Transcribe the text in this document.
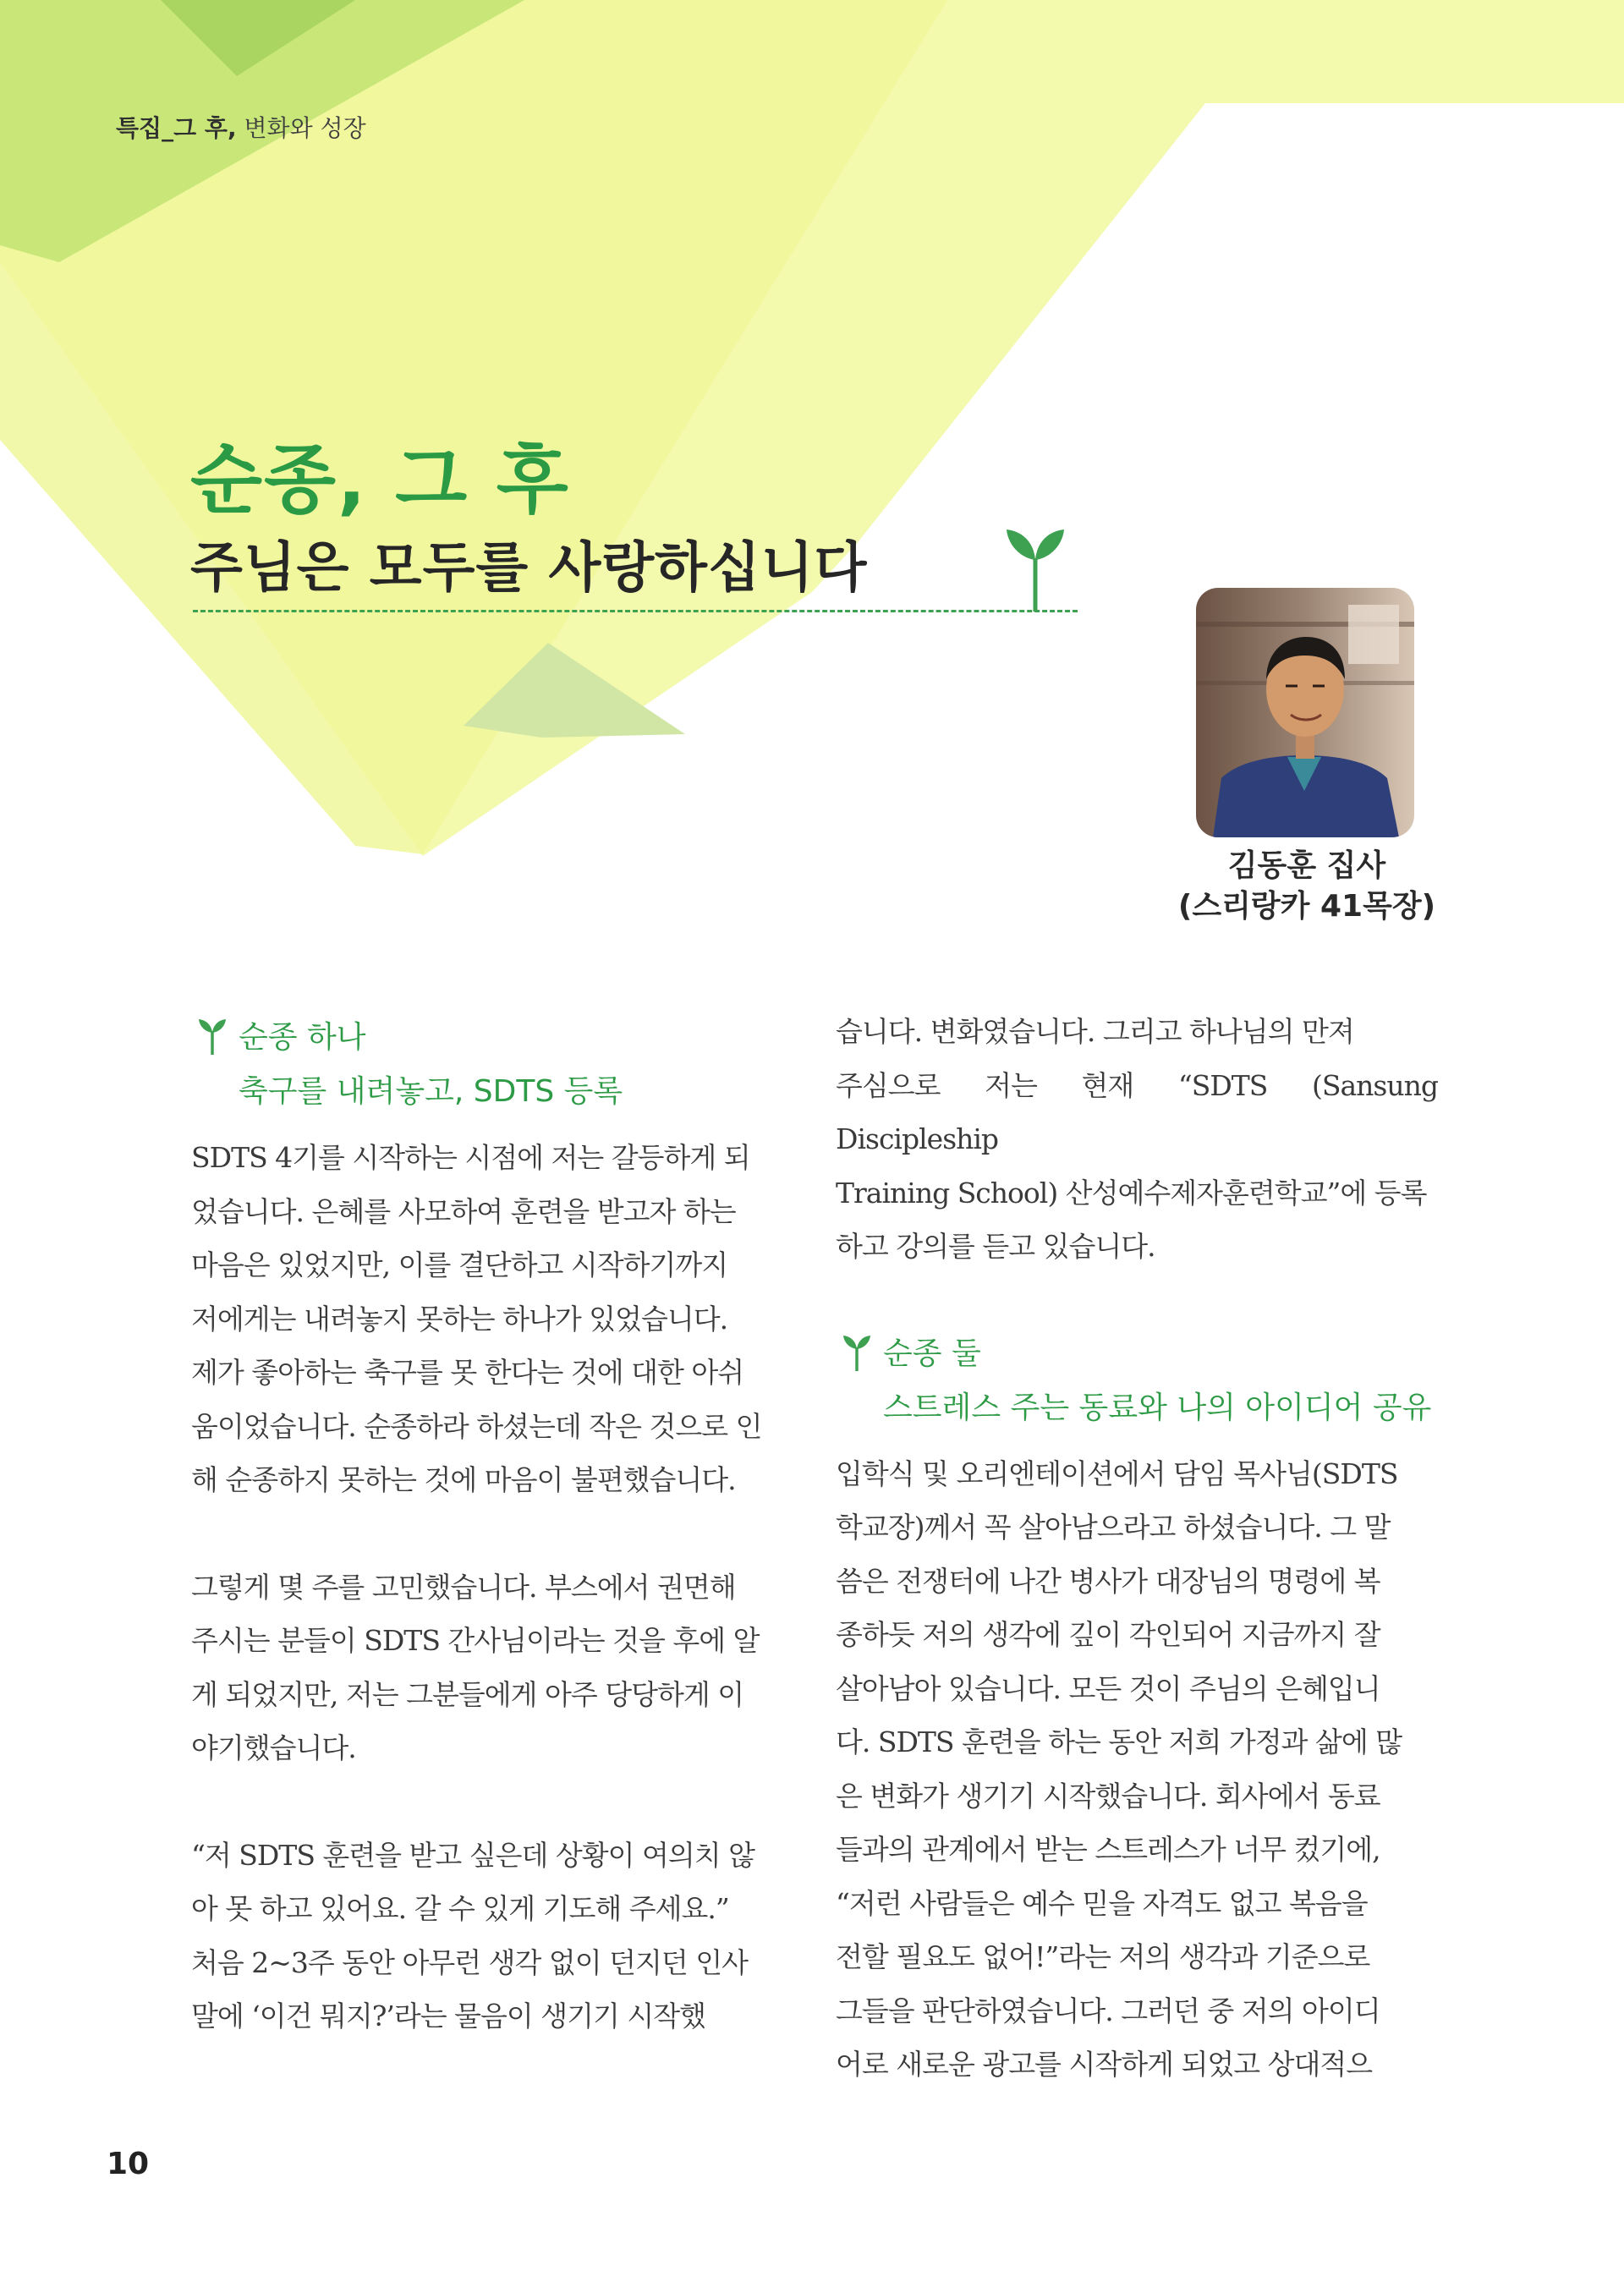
특집_그 후, 변화와 성장
순종, 그 후
주님은 모두를 사랑하십니다
김동훈 집사
(스리랑카 41목장)
순종 하나
축구를 내려놓고, SDTS 등록

SDTS 4기를 시작하는 시점에 저는 갈등하게 되
었습니다. 은혜를 사모하여 훈련을 받고자 하는
마음은 있었지만, 이를 결단하고 시작하기까지
저에게는 내려놓지 못하는 하나가 있었습니다.
제가 좋아하는 축구를 못 한다는 것에 대한 아쉬
움이었습니다. 순종하라 하셨는데 작은 것으로 인
해 순종하지 못하는 것에 마음이 불편했습니다.

그렇게 몇 주를 고민했습니다. 부스에서 권면해
주시는 분들이 SDTS 간사님이라는 것을 후에 알
게 되었지만, 저는 그분들에게 아주 당당하게 이
야기했습니다.

“저 SDTS 훈련을 받고 싶은데 상황이 여의치 않
아 못 하고 있어요. 갈 수 있게 기도해 주세요.”
처음 2~3주 동안 아무런 생각 없이 던지던 인사
말에 ‘이건 뭐지?’라는 물음이 생기기 시작했

습니다. 변화였습니다. 그리고 하나님의 만져
주심으로 저는 현재 “SDTS (Sansung Discipleship
Training School) 산성예수제자훈련학교”에 등록
하고 강의를 듣고 있습니다.

순종 둘
스트레스 주는 동료와 나의 아이디어 공유

입학식 및 오리엔테이션에서 담임 목사님(SDTS
학교장)께서 꼭 살아남으라고 하셨습니다. 그 말
씀은 전쟁터에 나간 병사가 대장님의 명령에 복
종하듯 저의 생각에 깊이 각인되어 지금까지 잘
살아남아 있습니다. 모든 것이 주님의 은혜입니
다. SDTS 훈련을 하는 동안 저희 가정과 삶에 많
은 변화가 생기기 시작했습니다. 회사에서 동료
들과의 관계에서 받는 스트레스가 너무 컸기에,
“저런 사람들은 예수 믿을 자격도 없고 복음을
전할 필요도 없어!”라는 저의 생각과 기준으로
그들을 판단하였습니다. 그러던 중 저의 아이디
어로 새로운 광고를 시작하게 되었고 상대적으

10
